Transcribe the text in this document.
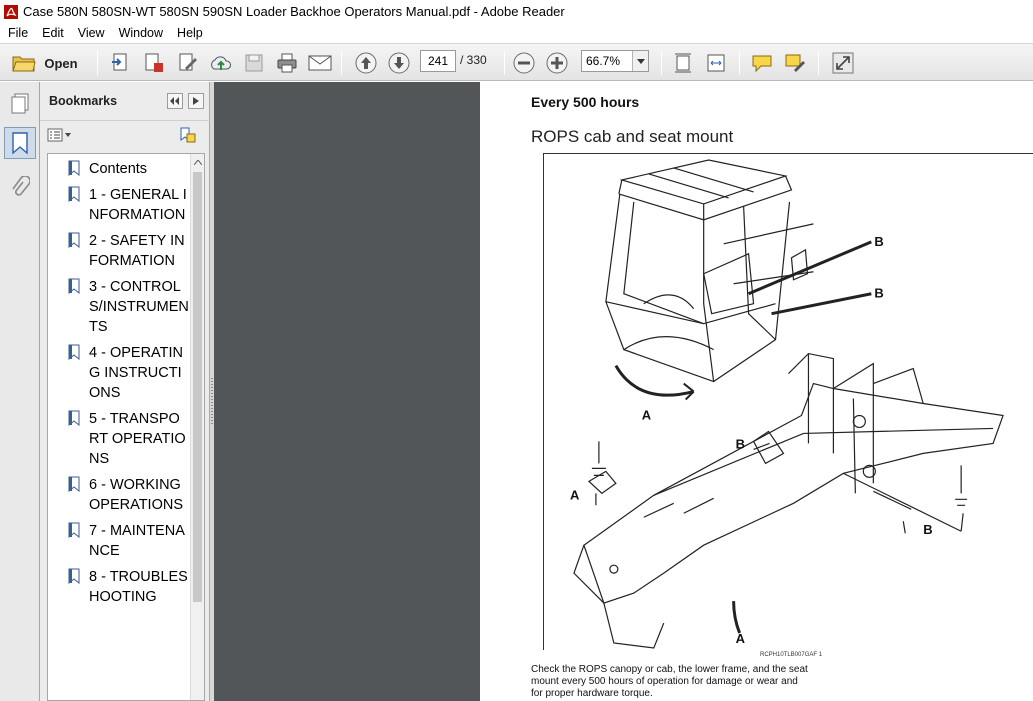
Case 580N 580SN-WT 580SN 590SN Loader Backhoe Operators Manual.pdf - Adobe Reader
File	Edit	View	Window	Help
Open	241 / 330	66.7%
Bookmarks
Contents
1 - GENERAL INFORMATION
2 - SAFETY INFORMATION
3 - CONTROLS/INSTRUMENTS
4 - OPERATING INSTRUCTIONS
5 - TRANSPORT OPERATIONS
6 - WORKING OPERATIONS
7 - MAINTENANCE
8 - TROUBLESHOOTING
Every 500 hours
ROPS cab and seat mount
B
B
A
B
A
B
A
RCPH10TLB007GAF 1
Check the ROPS canopy or cab, the lower frame, and the seat mount every 500 hours of operation for damage or wear and for proper hardware torque.
